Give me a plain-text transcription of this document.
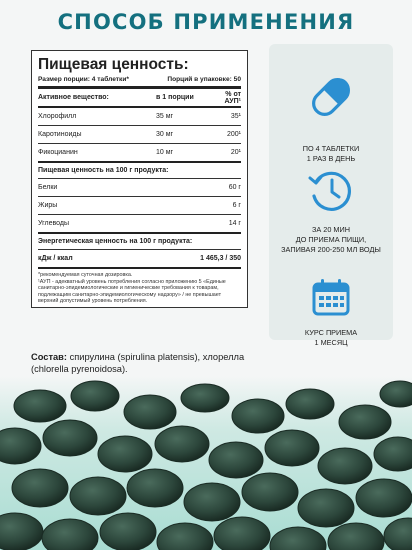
СПОСОБ ПРИМЕНЕНИЯ
Пищевая ценность:
Размер порции: 4 таблетки*	Порций в упаковке: 50
Активное вещество:	в 1 порции	% от АУП¹
Хлорофилл	35 мг	35¹
Каротиноиды	30 мг	200¹
Фикоцианин	10 мг	20¹
Пищевая ценность на 100 г продукта:
Белки	60 г
Жиры	6 г
Углеводы	14 г
Энергетическая ценность на 100 г продукта:
кДж / ккал	1 465,3 / 350
*рекомендуемая суточная дозировка.
¹АУП - адекватный уровень потребления согласно приложению 5 «Единые санитарно-эпидемиологические и гигиенические требования к товарам, подлежащим санитарно-эпидемиологическому надзору» / не превышает верхний допустимый уровень потребления.
Состав: спирулина (spirulina platensis), хлорелла (chlorella pyrenoidosa).
ПО 4 ТАБЛЕТКИ
1 РАЗ В ДЕНЬ
ЗА 20 МИН
ДО ПРИЕМА ПИЩИ,
ЗАПИВАЯ 200-250 МЛ ВОДЫ
КУРС ПРИЕМА
1 МЕСЯЦ
